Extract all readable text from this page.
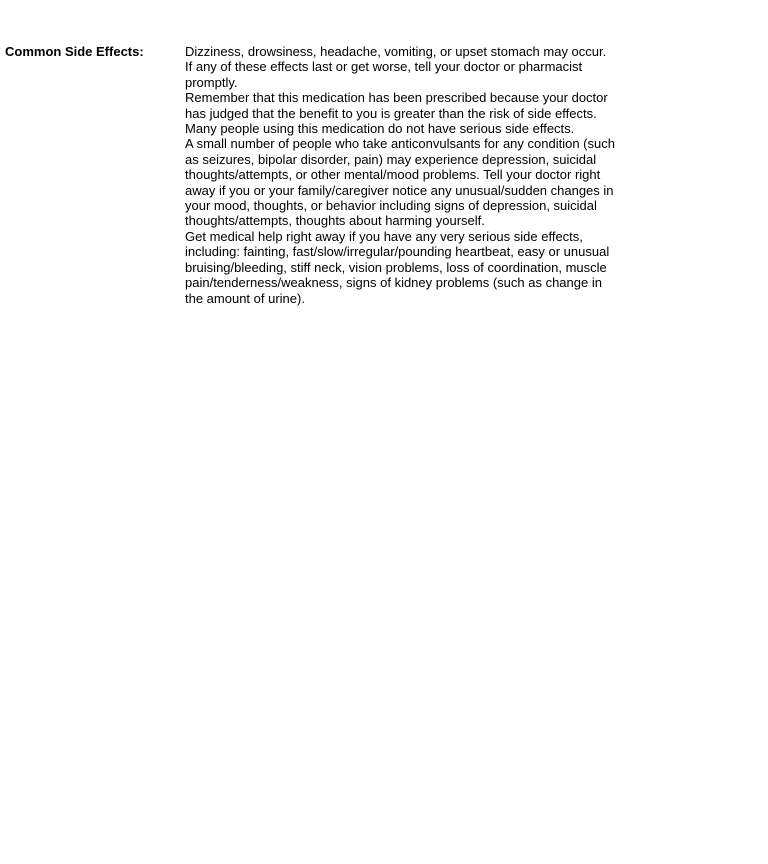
Common Side Effects:	Dizziness, drowsiness, headache, vomiting, or upset stomach may occur. If any of these effects last or get worse, tell your doctor or pharmacist promptly.

Remember that this medication has been prescribed because your doctor has judged that the benefit to you is greater than the risk of side effects. Many people using this medication do not have serious side effects.

A small number of people who take anticonvulsants for any condition (such as seizures, bipolar disorder, pain) may experience depression, suicidal thoughts/attempts, or other mental/mood problems. Tell your doctor right away if you or your family/caregiver notice any unusual/sudden changes in your mood, thoughts, or behavior including signs of depression, suicidal thoughts/attempts, thoughts about harming yourself.

Get medical help right away if you have any very serious side effects, including: fainting, fast/slow/irregular/pounding heartbeat, easy or unusual bruising/bleeding, stiff neck, vision problems, loss of coordination, muscle pain/tenderness/weakness, signs of kidney problems (such as change in the amount of urine).
